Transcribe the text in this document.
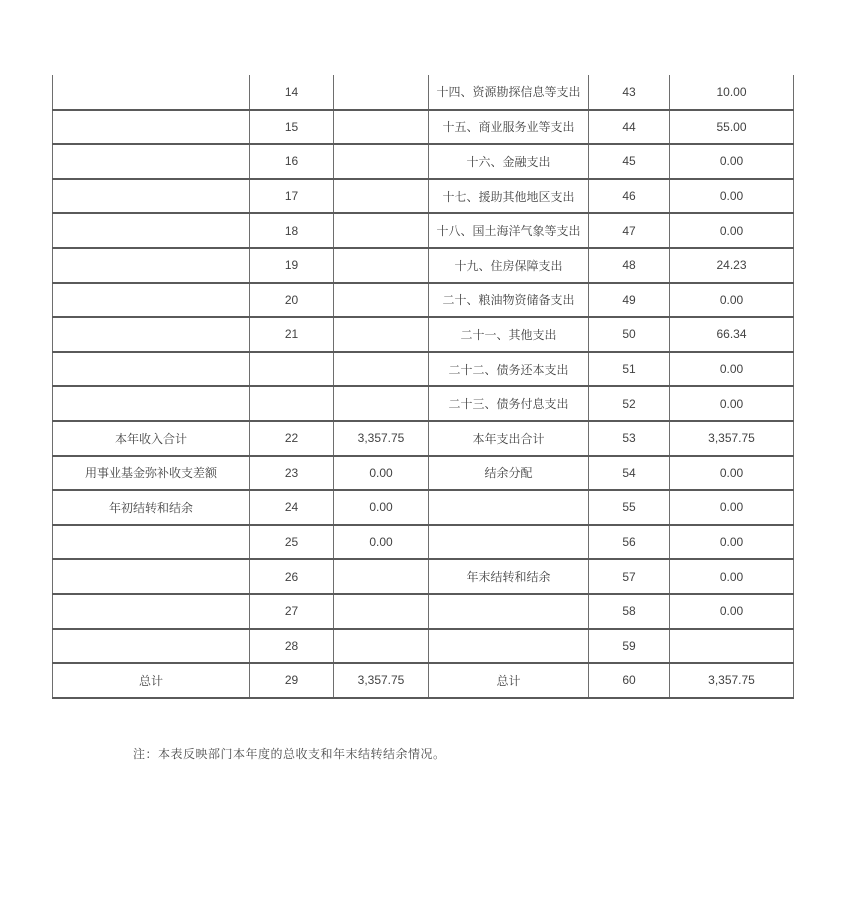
	14		十四、资源勘探信息等支出	43	10.00
	15		十五、商业服务业等支出	44	55.00
	16		十六、金融支出	45	0.00
	17		十七、援助其他地区支出	46	0.00
	18		十八、国土海洋气象等支出	47	0.00
	19		十九、住房保障支出	48	24.23
	20		二十、粮油物资储备支出	49	0.00
	21		二十一、其他支出	50	66.34
			二十二、债务还本支出	51	0.00
			二十三、债务付息支出	52	0.00
本年收入合计	22	3,357.75	本年支出合计	53	3,357.75
用事业基金弥补收支差额	23	0.00	结余分配	54	0.00
年初结转和结余	24	0.00		55	0.00
	25	0.00		56	0.00
	26		年末结转和结余	57	0.00
	27			58	0.00
	28			59	
总计	29	3,357.75	总计	60	3,357.75

注：本表反映部门本年度的总收支和年末结转结余情况。
